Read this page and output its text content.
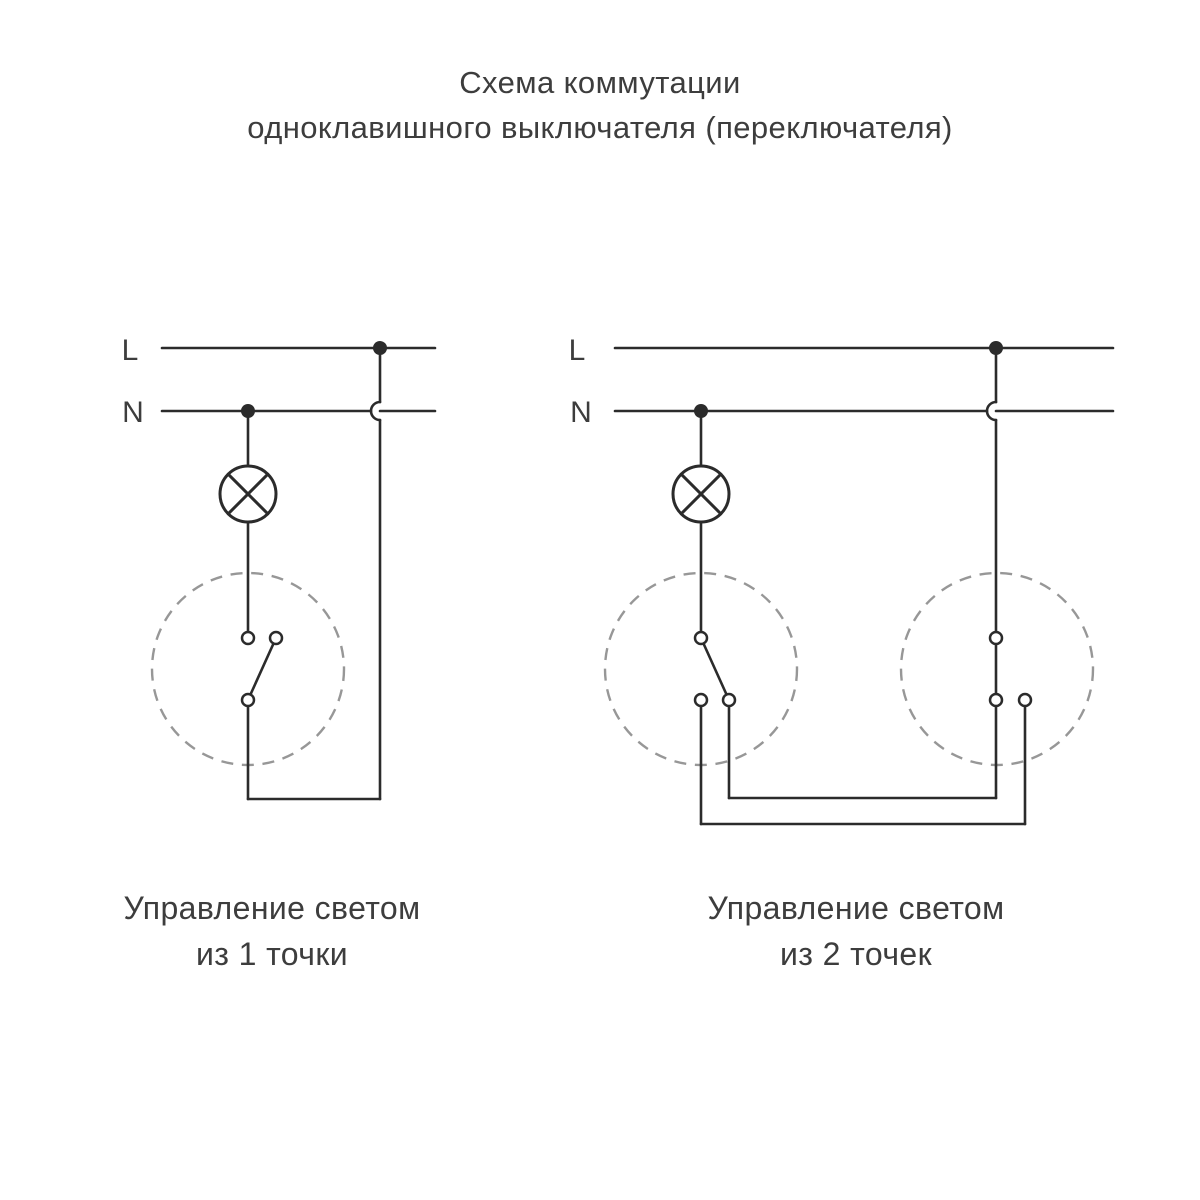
Схема коммутации
одноклавишного выключателя (переключателя)
L
N
L
N
Управление светом
из 1 точки
Управление светом
из 2 точек
